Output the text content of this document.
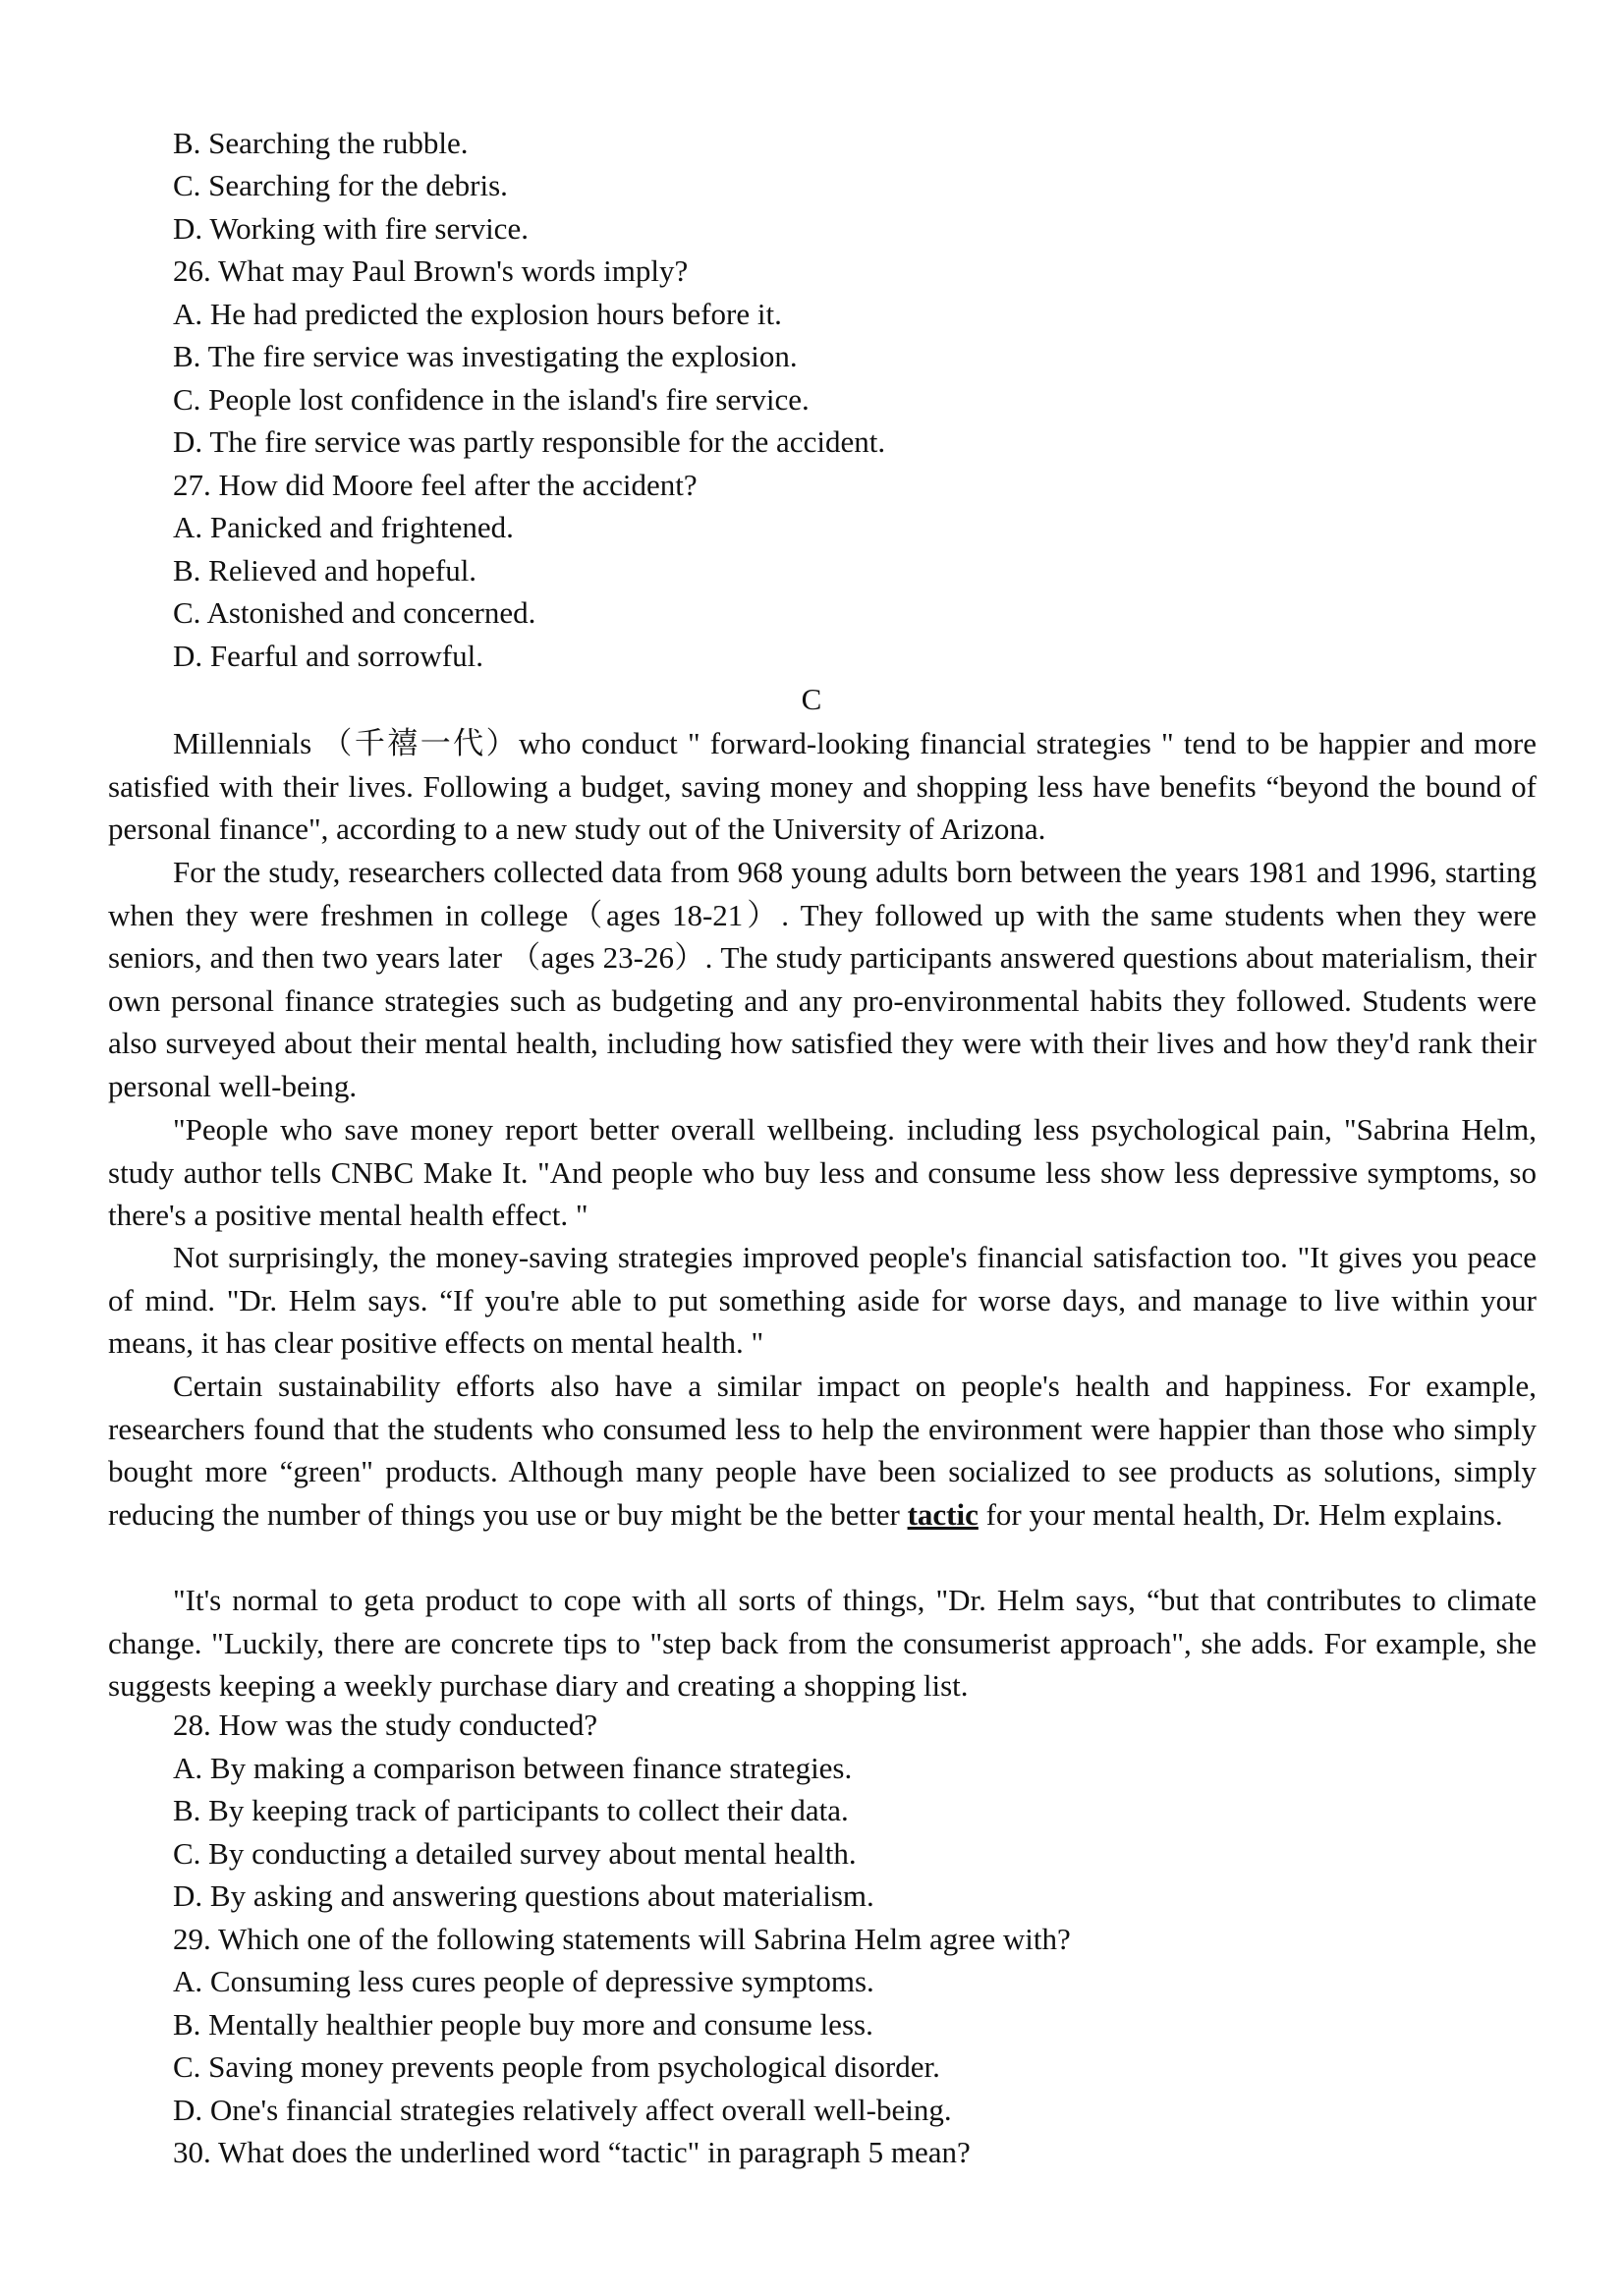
B. Searching the rubble.
C. Searching for the debris.
D. Working with fire service.
26. What may Paul Brown's words imply?
A. He had predicted the explosion hours before it.
B. The fire service was investigating the explosion.
C. People lost confidence in the island's fire service.
D. The fire service was partly responsible for the accident.
27. How did Moore feel after the accident?
A. Panicked and frightened.
B. Relieved and hopeful.
C. Astonished and concerned.
D. Fearful and sorrowful.
C

Millennials （千禧一代）who conduct " forward-looking financial strategies " tend to be happier and more satisfied with their lives. Following a budget, saving money and shopping less have benefits “beyond the bound of personal finance", according to a new study out of the University of Arizona.

For the study, researchers collected data from 968 young adults born between the years 1981 and 1996, starting when they were freshmen in college（ages 18-21）. They followed up with the same students when they were seniors, and then two years later （ages 23-26）. The study participants answered questions about materialism, their own personal finance strategies such as budgeting and any pro-environmental habits they followed. Students were also surveyed about their mental health, including how satisfied they were with their lives and how they'd rank their personal well-being.

"People who save money report better overall wellbeing. including less psychological pain, "Sabrina Helm, study author tells CNBC Make It. "And people who buy less and consume less show less depressive symptoms, so there's a positive mental health effect. "

Not surprisingly, the money-saving strategies improved people's financial satisfaction too. "It gives you peace of mind. "Dr. Helm says. “If you're able to put something aside for worse days, and manage to live within your means, it has clear positive effects on mental health. "

Certain sustainability efforts also have a similar impact on people's health and happiness. For example, researchers found that the students who consumed less to help the environment were happier than those who simply bought more “green" products. Although many people have been socialized to see products as solutions, simply reducing the number of things you use or buy might be the better tactic for your mental health, Dr. Helm explains.

"It's normal to geta product to cope with all sorts of things, "Dr. Helm says, “but that contributes to climate change. "Luckily, there are concrete tips to "step back from the consumerist approach", she adds. For example, she suggests keeping a weekly purchase diary and creating a shopping list.

28. How was the study conducted?
A. By making a comparison between finance strategies.
B. By keeping track of participants to collect their data.
C. By conducting a detailed survey about mental health.
D. By asking and answering questions about materialism.
29. Which one of the following statements will Sabrina Helm agree with?
A. Consuming less cures people of depressive symptoms.
B. Mentally healthier people buy more and consume less.
C. Saving money prevents people from psychological disorder.
D. One's financial strategies relatively affect overall well-being.
30. What does the underlined word “tactic" in paragraph 5 mean?
